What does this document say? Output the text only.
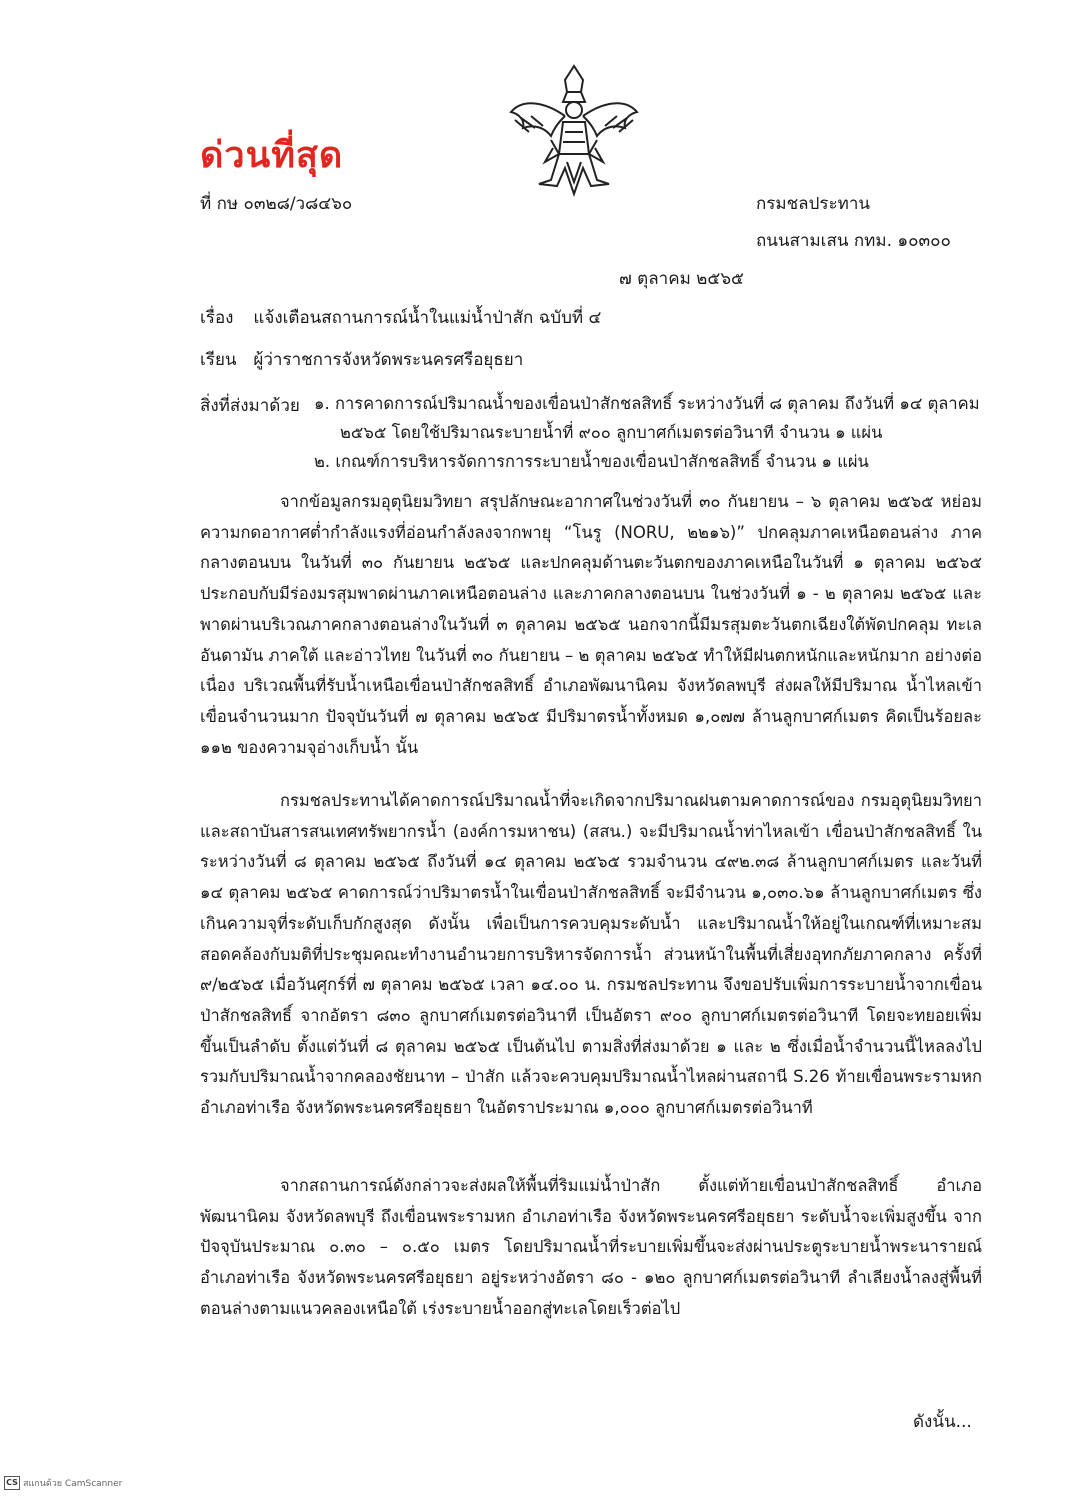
ด่วนที่สุด
ที่ กษ ๐๓๒๘/ว๘๔๖๐	กรมชลประทาน
ถนนสามเสน กทม. ๑๐๓๐๐
๗ ตุลาคม ๒๕๖๕
เรื่อง แจ้งเตือนสถานการณ์น้ำในแม่น้ำป่าสัก ฉบับที่ ๔
เรียน ผู้ว่าราชการจังหวัดพระนครศรีอยุธยา
สิ่งที่ส่งมาด้วย ๑. การคาดการณ์ปริมาณน้ำของเขื่อนป่าสักชลสิทธิ์ ระหว่างวันที่ ๘ ตุลาคม ถึงวันที่ ๑๔ ตุลาคม
๒๕๖๕ โดยใช้ปริมาณระบายน้ำที่ ๙๐๐ ลูกบาศก์เมตรต่อวินาที จำนวน ๑ แผ่น
๒. เกณฑ์การบริหารจัดการการระบายน้ำของเขื่อนป่าสักชลสิทธิ์ จำนวน ๑ แผ่น

จากข้อมูลกรมอุตุนิยมวิทยา สรุปลักษณะอากาศในช่วงวันที่ ๓๐ กันยายน – ๖ ตุลาคม ๒๕๖๕ หย่อมความกดอากาศต่ำกำลังแรงที่อ่อนกำลังลงจากพายุ “โนรู (NORU, ๒๒๑๖)” ปกคลุมภาคเหนือตอนล่าง ภาคกลางตอนบน ในวันที่ ๓๐ กันยายน ๒๕๖๕ และปกคลุมด้านตะวันตกของภาคเหนือในวันที่ ๑ ตุลาคม ๒๕๖๕ ประกอบกับมีร่องมรสุมพาดผ่านภาคเหนือตอนล่าง และภาคกลางตอนบน ในช่วงวันที่ ๑ - ๒ ตุลาคม ๒๕๖๕ และพาดผ่านบริเวณภาคกลางตอนล่างในวันที่ ๓ ตุลาคม ๒๕๖๕ นอกจากนี้มีมรสุมตะวันตกเฉียงใต้พัดปกคลุม ทะเลอันดามัน ภาคใต้ และอ่าวไทย ในวันที่ ๓๐ กันยายน – ๒ ตุลาคม ๒๕๖๕ ทำให้มีฝนตกหนักและหนักมาก อย่างต่อเนื่อง บริเวณพื้นที่รับน้ำเหนือเขื่อนป่าสักชลสิทธิ์ อำเภอพัฒนานิคม จังหวัดลพบุรี ส่งผลให้มีปริมาณ น้ำไหลเข้าเขื่อนจำนวนมาก ปัจจุบันวันที่ ๗ ตุลาคม ๒๕๖๕ มีปริมาตรน้ำทั้งหมด ๑,๐๗๗ ล้านลูกบาศก์เมตร คิดเป็นร้อยละ ๑๑๒ ของความจุอ่างเก็บน้ำ นั้น

กรมชลประทานได้คาดการณ์ปริมาณน้ำที่จะเกิดจากปริมาณฝนตามคาดการณ์ของ กรมอุตุนิยมวิทยา และสถาบันสารสนเทศทรัพยากรน้ำ (องค์การมหาชน) (สสน.) จะมีปริมาณน้ำท่าไหลเข้า เขื่อนป่าสักชลสิทธิ์ ในระหว่างวันที่ ๘ ตุลาคม ๒๕๖๕ ถึงวันที่ ๑๔ ตุลาคม ๒๕๖๕ รวมจำนวน ๔๙๒.๓๘ ล้านลูกบาศก์เมตร และวันที่ ๑๔ ตุลาคม ๒๕๖๕ คาดการณ์ว่าปริมาตรน้ำในเขื่อนป่าสักชลสิทธิ์ จะมีจำนวน ๑,๐๓๐.๖๑ ล้านลูกบาศก์เมตร ซึ่งเกินความจุที่ระดับเก็บกักสูงสุด ดังนั้น เพื่อเป็นการควบคุมระดับน้ำ และปริมาณน้ำให้อยู่ในเกณฑ์ที่เหมาะสมสอดคล้องกับมติที่ประชุมคณะทำงานอำนวยการบริหารจัดการน้ำ ส่วนหน้าในพื้นที่เสี่ยงอุทกภัยภาคกลาง ครั้งที่ ๙/๒๕๖๕ เมื่อวันศุกร์ที่ ๗ ตุลาคม ๒๕๖๕ เวลา ๑๔.๐๐ น. กรมชลประทาน จึงขอปรับเพิ่มการระบายน้ำจากเขื่อนป่าสักชลสิทธิ์ จากอัตรา ๘๓๐ ลูกบาศก์เมตรต่อวินาที เป็นอัตรา ๙๐๐ ลูกบาศก์เมตรต่อวินาที โดยจะทยอยเพิ่มขึ้นเป็นลำดับ ตั้งแต่วันที่ ๘ ตุลาคม ๒๕๖๕ เป็นต้นไป ตามสิ่งที่ส่งมาด้วย ๑ และ ๒ ซึ่งเมื่อน้ำจำนวนนี้ไหลลงไปรวมกับปริมาณน้ำจากคลองชัยนาท – ป่าสัก แล้วจะควบคุมปริมาณน้ำไหลผ่านสถานี S.26 ท้ายเขื่อนพระรามหก อำเภอท่าเรือ จังหวัดพระนครศรีอยุธยา ในอัตราประมาณ ๑,๐๐๐ ลูกบาศก์เมตรต่อวินาที

จากสถานการณ์ดังกล่าวจะส่งผลให้พื้นที่ริมแม่น้ำป่าสัก ตั้งแต่ท้ายเขื่อนป่าสักชลสิทธิ์ อำเภอพัฒนานิคม จังหวัดลพบุรี ถึงเขื่อนพระรามหก อำเภอท่าเรือ จังหวัดพระนครศรีอยุธยา ระดับน้ำจะเพิ่มสูงขึ้น จากปัจจุบันประมาณ ๐.๓๐ – ๐.๕๐ เมตร โดยปริมาณน้ำที่ระบายเพิ่มขึ้นจะส่งผ่านประตูระบายน้ำพระนารายณ์ อำเภอท่าเรือ จังหวัดพระนครศรีอยุธยา อยู่ระหว่างอัตรา ๘๐ - ๑๒๐ ลูกบาศก์เมตรต่อวินาที ลำเลียงน้ำลงสู่พื้นที่ ตอนล่างตามแนวคลองเหนือใต้ เร่งระบายน้ำออกสู่ทะเลโดยเร็วต่อไป

ดังนั้น...
CS สแกนด้วย CamScanner
